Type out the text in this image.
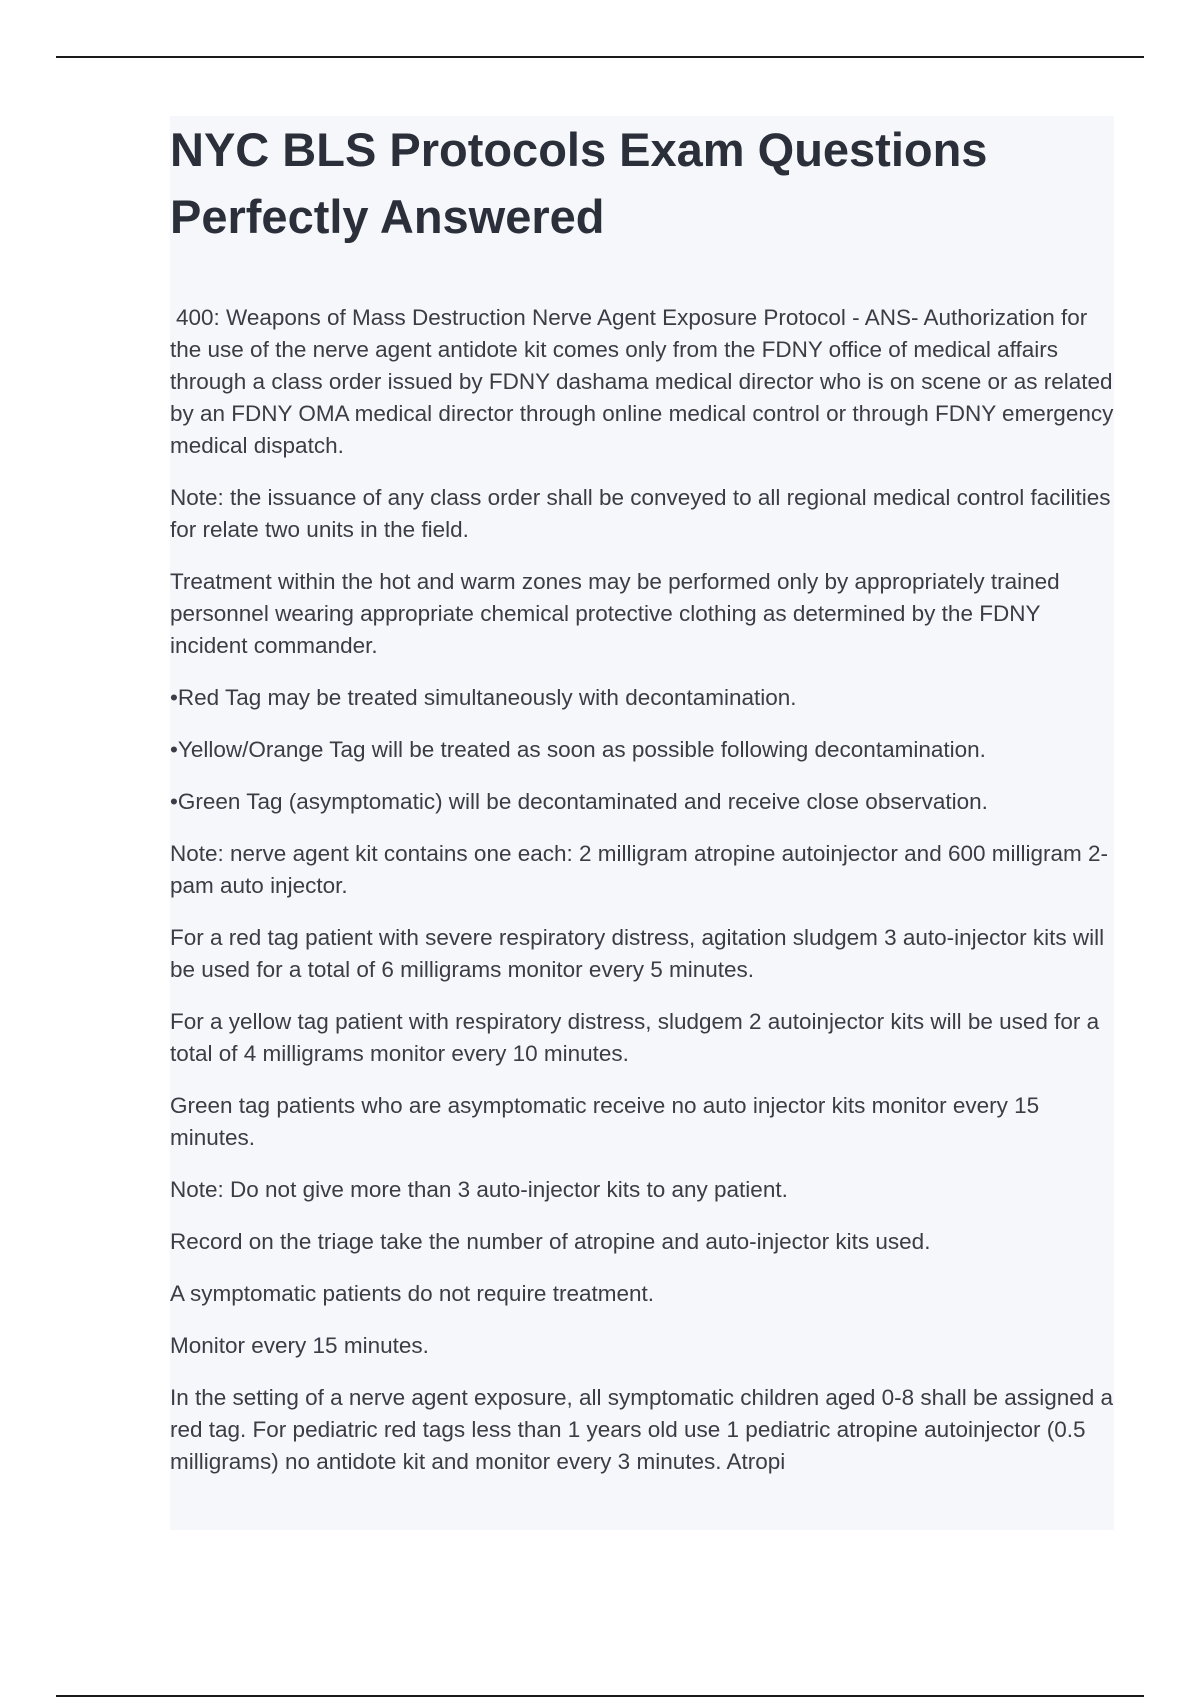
NYC BLS Protocols Exam Questions
Perfectly Answered

400: Weapons of Mass Destruction Nerve Agent Exposure Protocol - ANS- Authorization for the use of the nerve agent antidote kit comes only from the FDNY office of medical affairs through a class order issued by FDNY dashama medical director who is on scene or as related by an FDNY OMA medical director through online medical control or through FDNY emergency medical dispatch.

Note: the issuance of any class order shall be conveyed to all regional medical control facilities for relate two units in the field.

Treatment within the hot and warm zones may be performed only by appropriately trained personnel wearing appropriate chemical protective clothing as determined by the FDNY incident commander.

•Red Tag may be treated simultaneously with decontamination.

•Yellow/Orange Tag will be treated as soon as possible following decontamination.

•Green Tag (asymptomatic) will be decontaminated and receive close observation.

Note: nerve agent kit contains one each: 2 milligram atropine autoinjector and 600 milligram 2-pam auto injector.

For a red tag patient with severe respiratory distress, agitation sludgem 3 auto-injector kits will be used for a total of 6 milligrams monitor every 5 minutes.

For a yellow tag patient with respiratory distress, sludgem 2 autoinjector kits will be used for a total of 4 milligrams monitor every 10 minutes.

Green tag patients who are asymptomatic receive no auto injector kits monitor every 15 minutes.

Note: Do not give more than 3 auto-injector kits to any patient.

Record on the triage take the number of atropine and auto-injector kits used.

A symptomatic patients do not require treatment.

Monitor every 15 minutes.

In the setting of a nerve agent exposure, all symptomatic children aged 0-8 shall be assigned a red tag. For pediatric red tags less than 1 years old use 1 pediatric atropine autoinjector (0.5 milligrams) no antidote kit and monitor every 3 minutes. Atropi
